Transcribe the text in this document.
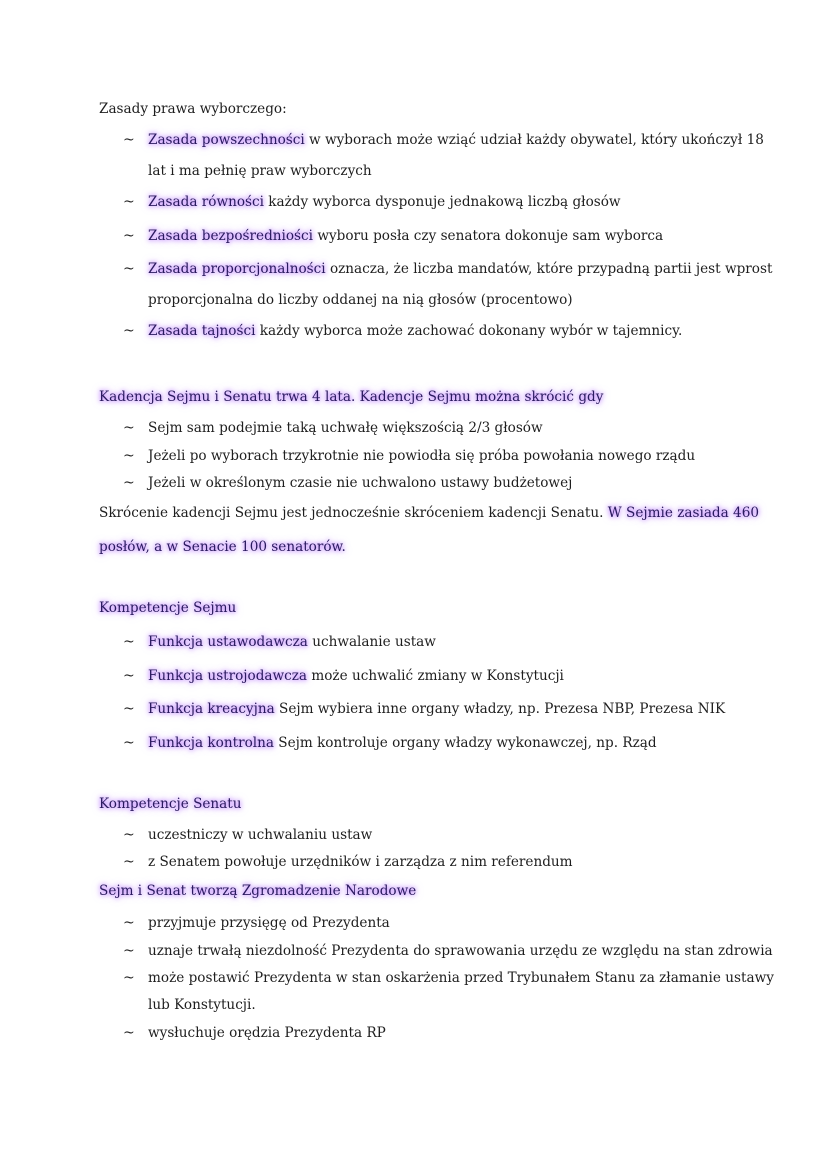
Zasady prawa wyborczego:
~ Zasada powszechności w wyborach może wziąć udział każdy obywatel, który ukończył 18
lat i ma pełnię praw wyborczych
~ Zasada równości każdy wyborca dysponuje jednakową liczbą głosów
~ Zasada bezpośredniości wyboru posła czy senatora dokonuje sam wyborca
~ Zasada proporcjonalności oznacza, że liczba mandatów, które przypadną partii jest wprost
proporcjonalna do liczby oddanej na nią głosów (procentowo)
~ Zasada tajności każdy wyborca może zachować dokonany wybór w tajemnicy.
Kadencja Sejmu i Senatu trwa 4 lata. Kadencje Sejmu można skrócić gdy
~ Sejm sam podejmie taką uchwałę większością 2/3 głosów
~ Jeżeli po wyborach trzykrotnie nie powiodła się próba powołania nowego rządu
~ Jeżeli w określonym czasie nie uchwalono ustawy budżetowej
Skrócenie kadencji Sejmu jest jednocześnie skróceniem kadencji Senatu. W Sejmie zasiada 460
posłów, a w Senacie 100 senatorów.
Kompetencje Sejmu
~ Funkcja ustawodawcza uchwalanie ustaw
~ Funkcja ustrojodawcza może uchwalić zmiany w Konstytucji
~ Funkcja kreacyjna Sejm wybiera inne organy władzy, np. Prezesa NBP, Prezesa NIK
~ Funkcja kontrolna Sejm kontroluje organy władzy wykonawczej, np. Rząd
Kompetencje Senatu
~ uczestniczy w uchwalaniu ustaw
~ z Senatem powołuje urzędników i zarządza z nim referendum
Sejm i Senat tworzą Zgromadzenie Narodowe
~ przyjmuje przysięgę od Prezydenta
~ uznaje trwałą niezdolność Prezydenta do sprawowania urzędu ze względu na stan zdrowia
~ może postawić Prezydenta w stan oskarżenia przed Trybunałem Stanu za złamanie ustawy
lub Konstytucji.
~ wysłuchuje orędzia Prezydenta RP
